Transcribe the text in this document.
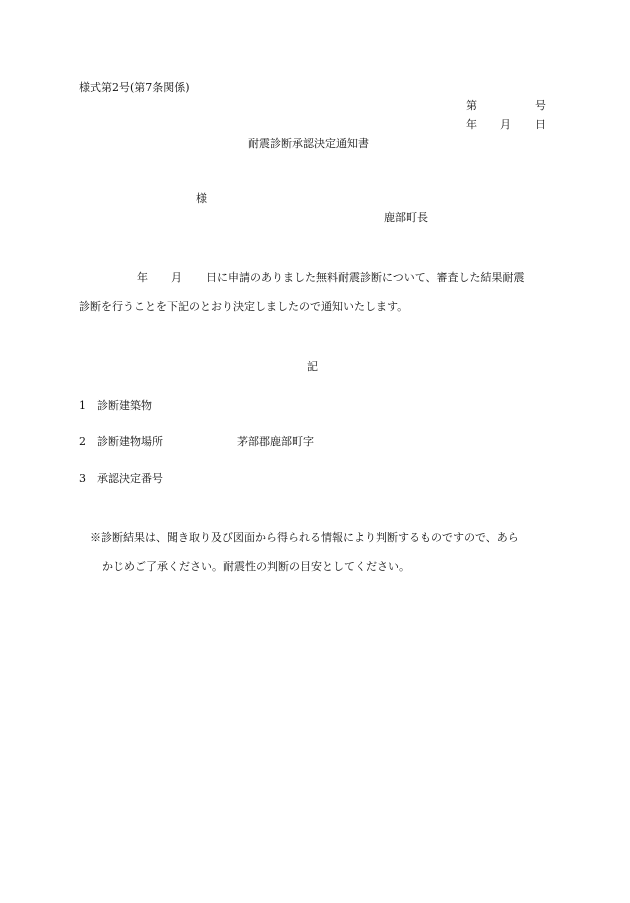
様式第2号(第7条関係)
第	号
年 月 日
耐震診断承認決定通知書
様
鹿部町長
年 月 日に申請のありました無料耐震診断について、審査した結果耐震
診断を行うことを下記のとおり決定しましたので通知いたします。
記
1 診断建築物
2 診断建物場所	茅部郡鹿部町字
3 承認決定番号
※診断結果は、聞き取り及び図面から得られる情報により判断するものですので、あら
かじめご了承ください。耐震性の判断の目安としてください。
